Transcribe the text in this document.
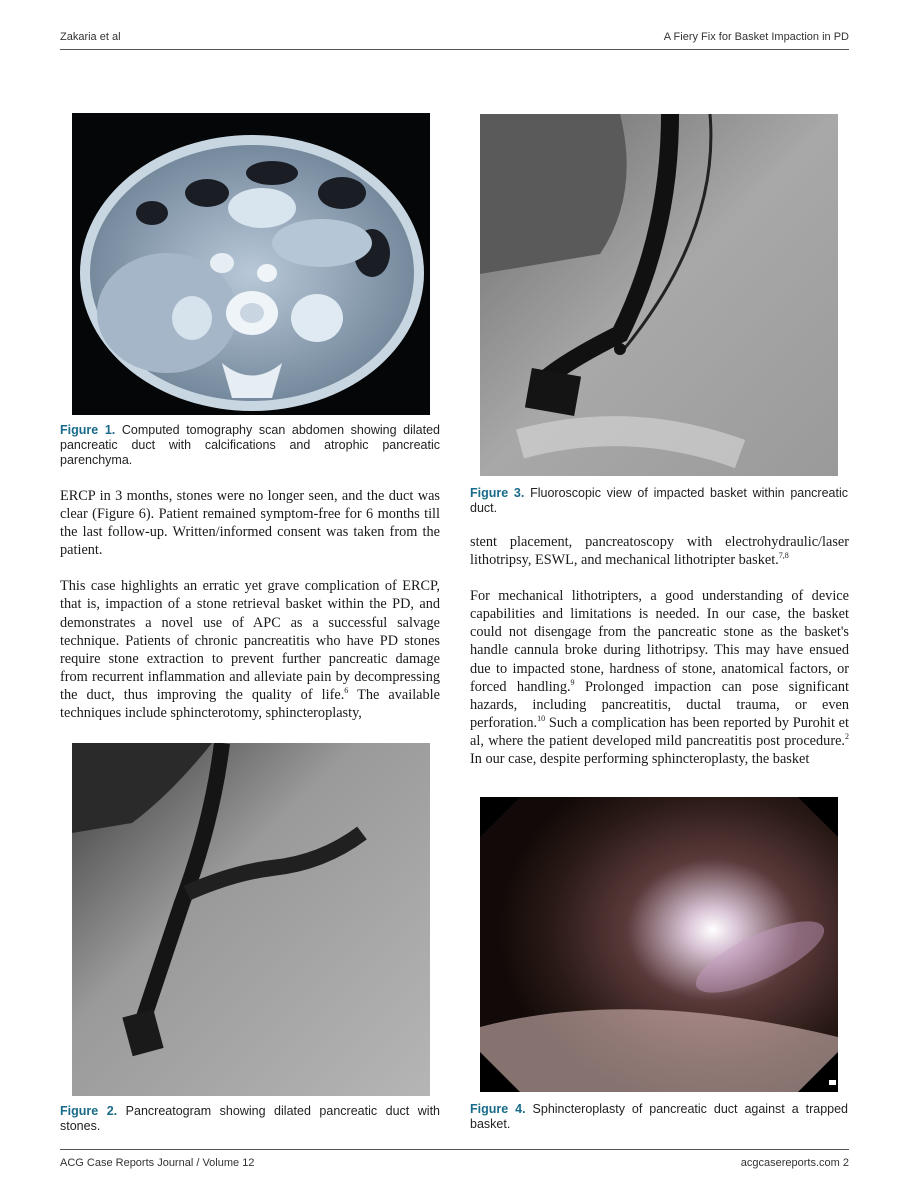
Zakaria et al	A Fiery Fix for Basket Impaction in PD

Figure 1. Computed tomography scan abdomen showing dilated pancreatic duct with calcifications and atrophic pancreatic parenchyma.

ERCP in 3 months, stones were no longer seen, and the duct was clear (Figure 6). Patient remained symptom-free for 6 months till the last follow-up. Written/informed consent was taken from the patient.

This case highlights an erratic yet grave complication of ERCP, that is, impaction of a stone retrieval basket within the PD, and demonstrates a novel use of APC as a successful salvage technique. Patients of chronic pancreatitis who have PD stones require stone extraction to prevent further pancreatic damage from recurrent inflammation and alleviate pain by decompressing the duct, thus improving the quality of life.$^6$ The available techniques include sphincterotomy, sphincteroplasty,

Figure 2. Pancreatogram showing dilated pancreatic duct with stones.

Figure 3. Fluoroscopic view of impacted basket within pancreatic duct.

stent placement, pancreatoscopy with electrohydraulic/laser lithotripsy, ESWL, and mechanical lithotripter basket.$^{7,8}$

For mechanical lithotripters, a good understanding of device capabilities and limitations is needed. In our case, the basket could not disengage from the pancreatic stone as the basket's handle cannula broke during lithotripsy. This may have ensued due to impacted stone, hardness of stone, anatomical factors, or forced handling.$^9$ Prolonged impaction can pose significant hazards, including pancreatitis, ductal trauma, or even perforation.$^{10}$ Such a complication has been reported by Purohit et al, where the patient developed mild pancreatitis post procedure.$^2$ In our case, despite performing sphincteroplasty, the basket

Figure 4. Sphincteroplasty of pancreatic duct against a trapped basket.

ACG Case Reports Journal / Volume 12	acgcasereports.com 2
